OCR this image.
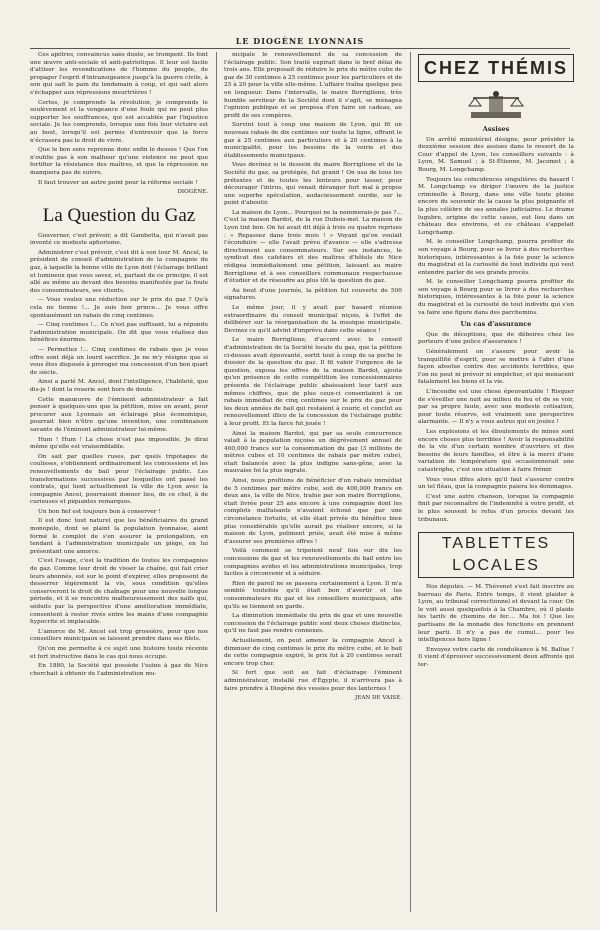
LE DIOGÈNE LYONNAIS

Ces apôtres, convaincus sans doute, se trompent. Ils font une œuvre anti-sociale et anti-patriotique. Il leur est facile d'attiser les revendications de l'homme du peuple, de propager l'esprit d'intransigeance jusqu'à la guerre civile, à son qui sait le pain du lendemain à coup, et qui sait alors s'échapper aux répressions meurtrières !

Certes, je comprends la révolution, je comprends le soulèvement et la vengeance d'une foule qui ne peut plus supporter les souffrances, qui est accablée par l'injustice sociale. Je les comprends, lorsque une fois leur victoire est au bout, lorsqu'il est permis d'entrevoir que la force n'écrasera pas le droit de vivre.

Que le bon sens reprenne donc enfin le dessus ! Que l'on n'oublie pas à son malheur qu'une violence ne peut que fortifier la résistance des maîtres, et que la répression ne manquera pas de suivre.

Il faut trouver un autre point pour la réforme sociale !

DIOGÈNE.
La Question du Gaz

Gouverner, c'est prévoir, a dit Gambetta, qui n'avait pas inventé ce modeste aphorisme.

Administrer c'est prévoir, c'est dit à son tour M. Ancel, le président de conseil d'administration de la compagnie du gaz, à laquelle la bonne ville de Lyon doit l'éclairage brillant et lumineux que vous savez, et, partant de ce principe, il est allé au même au devant des besoins manifestés par la foule des consommateurs, ses clients.

— Vous voulez une réduction sur le prix du gaz ? Qu'à cela ne tienne !... Je suis bon prince... Je vous offre spontanément un rabais de cinq centimes.

— Cinq centimes !... Ce n'est pas suffisant, lui a répondu l'administration municipale. On dit que vous réalisez des bénéfices énormes.

— Permettez !... Cinq centimes de rabais que je vous offre sont déjà un lourd sacrifice. Je ne m'y résigne que si vous êtes disposés à proroger ma concession d'un bon quart de siècle.

Ainsi a parlé M. Ancel, dont l'intelligence, l'habileté, que dis-je ! dont la rouerie sont hors de doute.

Cette manœuvre de l'éminent administrateur a fait penser à quelques-uns que la pétition, mise en avant, pour procurer aux Lyonnais un éclairage plus économique, pourrait bien n'être qu'une invention, une combinaison savante de l'éminent administrateur lui-même.

Hum ! Hum ! La chose n'est pas impossible. Je dirai même qu'elle est vraisemblable.

On sait par quelles ruses, par quels tripotages de coulisses, s'obtiennent ordinairement les concessions et les renouvellements de bail pour l'éclairage public. Les transformations successives par lesquelles ont passé les contrats, qui lient actuellement la ville de Lyon avec la compagnie Ancel, pourraient donner lieu, de ce chef, à de curieuses et piquantes remarques.

Un bon fief est toujours bon à conserver !

Il est donc tout naturel que les bénéficiaires du grand monopole, dont se plaint la population lyonnaise, aient formé le complot de s'en assurer la prolongation, en tendant à l'administration municipale un piège, en lui présentant une amorce.

C'est l'usage, c'est la tradition de toutes les compagnies de gaz. Comme leur droit de visser la chaîne, qui fait crier leurs abonnés, est sur le point d'expirer, elles proposent de desserrer légèrement la vis, sous condition qu'elles conserveront le droit de chaînage pour une nouvelle longue période, et il se rencontre malheureusement des naïfs qui, séduits par la perspective d'une amélioration immédiate, consentent à rester rivés entre les mains d'une compagnie hypocrite et implacable.

L'amorce de M. Ancel est trop grossière, pour que nos conseillers municipaux se laissent prendre dans ses filets.

Qu'on me permette à ce sujet une histoire toute récente et fort instructive dans le cas qui nous occupe.

En 1880, la Société qui possède l'usine à gaz de Nice cherchait à obtenir de l'administration mu-

nicipale le renouvellement de sa concession de l'éclairage public. Son traité expirait dans le bref délai de trois ans. Elle proposait de réduire le prix du mètre cube de gaz de 30 centimes à 25 centimes pour les particuliers et de 25 à 20 pour la ville elle-même. L'affaire traîna quelque peu en longueur. Dans l'intervalle, le maire Borriglione, très humble serviteur de la Société dont il s'agit, se ménagea l'opinion publique et se proposa d'en faire un cadeau, au profit de ses compères.

Survint tout à coup une maison de Lyon, qui fit un nouveau rabais de dix centimes sur toute la ligne, offrant le gaz à 25 centimes aux particuliers et à 20 centimes à la municipalité, pour les besoins de la voirie et des établissements municipaux.

Vous devinez si le dessein du maire Borriglione et de la Société du gaz, sa protégée, fut grand ! On usa de tous les prétextes et de toutes les lenteurs pour lasser, pour décourager l'intrus, qui venait déranger fort mal à propos une superbe spéculation, audacieusement ourdie, sur le point d'aboutir.

La maison de Lyon... Pourquoi ne la nommerais-je pas ?... C'est la maison Bardot, de la rue Dubois-mel. La maison de Lyon tint bon. On lui avait dit déjà à trois ou quatre reprises : « Repassez dans trois mois ! » Voyant qu'on voulait l'éconduire — elle l'avait prévu d'avance — elle s'adressa directement aux consommateurs. Sur ses instances, le syndicat des cafetiers et des maîtres d'hôtels de Nice rédigea immédiatement une pétition, laissant au maire Borriglione et à ses conseillers communaux respectueuse d'étudier et de résoudre au plus tôt la question du gaz.

Au bout d'une journée, la pétition fut couverte de 500 signatures.

Le même jour, il y avait par hasard réunion extraordinaire du conseil municipal niçois, à l'effet de délibérer sur la réorganisation de la musique municipale. Devinez ce qu'il advint d'imprévu dans cette séance !

Le maire Borriglione, d'accord avec le conseil d'administration de la Société locale du gaz, que la pétition ci-dessus avait épouvanté, sortit tout à coup de sa poche le dossier de la question du gaz. Il fit valoir l'urgence de la question, exposa les offres de la maison Bardot, ajouta qu'en présence de cette compétition les concessionnaires présents de l'éclairage public abaissaient leur tarif aux mêmes chiffres, que de plus ceux-ci consentaient à un rabais immédiat de cinq centimes sur le prix du gaz pour les deux années de bail qui restaient à courir, et conclut au renouvellement illico de la concession de l'éclairage public à leur profit. Et la farce fut jouée !

Ainsi la maison Bardot, qui par sa seule concurrence valait à la population niçoise un dégrèvement annuel de 400,000 francs sur la consommation du gaz (3 millions de mètres cubes et 10 centimes de rabais par mètre cube), était balancée avec la plus indigne sans-gêne, avec la mauvaise foi la plus ingrate.

Ainsi, nous profitons de bénéficier d'un rabais immédiat de 5 centimes par mètre cube, soit de 400,000 francs en deux ans, la ville de Nice, trahie par son maire Borriglione, était livrée pour 25 ans encore à une compagnie dont les complots malfaisants n'avaient échoué que par une circonstance fortuite, et elle était privée du bénéfice bien plus considérable qu'elle aurait pu réaliser encore, si la maison de Lyon, poliment priée, avait été mise à même d'assurer ses premières offres !

Voilà comment se tripotent neuf fois sur dix les concessions de gaz et les renouvellements de bail entre les compagnies avides et les administrations municipales, trop faciles à circonvenir et à séduire.

Rien de pareil ne se passera certainement à Lyon. Il m'a semblé toutefois qu'il était bon d'avertir et les consommateurs du gaz et les conseillers municipaux, afin qu'ils se tiennent en garde.

La diminution immédiate du prix de gaz et une nouvelle concession de l'éclairage public sont deux choses distinctes, qu'il ne faut pas rendre connexes.

Actuellement, on peut amener la compagnie Ancel à diminuer de cinq centimes le prix du mètre cube, et le bail de cette compagnie expiré, le prix fut à 20 centimes serait encore trop cher.

Si fort que soit au fait d'éclairage l'éminent administrateur, installé rue d'Égypte, il n'arrivera pas à faire prendre à Diogène des vessies pour des lanternes !

JEAN DE VAISE.
CHEZ THÉMIS
Assises

Un arrêté ministériel désigne, pour présider la deuxième session des assises dans le ressort de la Cour d'appel de Lyon, les conseillers suivants : à Lyon, M. Samuel ; à St-Étienne, M. Jacomet ; à Bourg, M. Longchamp.

Toujours les coïncidences singulières du hasard ! M. Longchamp va diriger l'œuvre de la justice criminelle à Bourg, dans une ville toute pleine encore du souvenir de la cause la plus poignante et la plus célèbre de ses annales judiciaires. Le drame lugubre, origine de cette cause, eut lieu dans un château des environs, et ce château s'appelait Longchamp.

M. le conseiller Longchamp, pourra profiter de son voyage à Bourg, pour se livrer à des recherches historiques, intéressantes à la fois pour la science du magistrat et la curiosité de tout individu qui veut entendre parler de ses grands procès.

M. le conseiller Longchamp pourra profiter de son voyage à Bourg pour se livrer à des recherches historiques, intéressantes à la fois pour la science du magistrat et la curiosité de tout individu qui s'en va faire une figure dans des parchemins.

Un cas d'assurance

Que de déceptions, que de déboires chez les porteurs d'une police d'assurance !

Généralement on s'assure pour avoir la tranquillité d'esprit, pour se mettre à l'abri d'une façon absolue contre des accidents terribles, que l'on ne peut ni prévoir ni empêcher, et qui menacent fatalement les biens et la vie.

L'incendie est une chose épouvantable ! Risquer de s'éveiller une nuit au milieu du feu et de se voir, par sa propre faute, avec une modeste cotisation, pour toute réserve, est vraiment une perspective alarmante. — Il n'y a vous autres qui en jouiez !

Les explosions et les éboulements de mines sont encore choses plus terribles ! Avoir la responsabilité de la vie d'un certain nombre d'ouvriers et des besoins de leurs familles, et être à la merci d'une variation de température qui occasionnerait une catastrophe, c'est une situation à faire frémir.

Vous vous dites alors qu'il faut s'assurer contre un tel fléau, que la compagnie paiera les dommages.

C'est une autre chanson, lorsque la compagnie finit par reconnaître de l'indemnité à votre profit, et le plus souvent le refus d'un procès devant les tribunaux.

TABLETTES LOCALES

Nos députés. — M. Thévenet s'est fait inscrire au barreau de Paris. Entre temps, il vient plaider à Lyon, au tribunal correctionnel et devant la cour. On le voit aussi quelquefois à la Chambre, où il plaide les tarifs de chemins de fer.... Ma foi ! Que les partisans de la monade des fonctions en prennent leur parti. Il n'y a pas de cumul... pour les intelligences hors ligne !

Envoyez votre carte de condoléance à M. Ballue ! Il vient d'éprouver successivement deux affronts qui ter-
